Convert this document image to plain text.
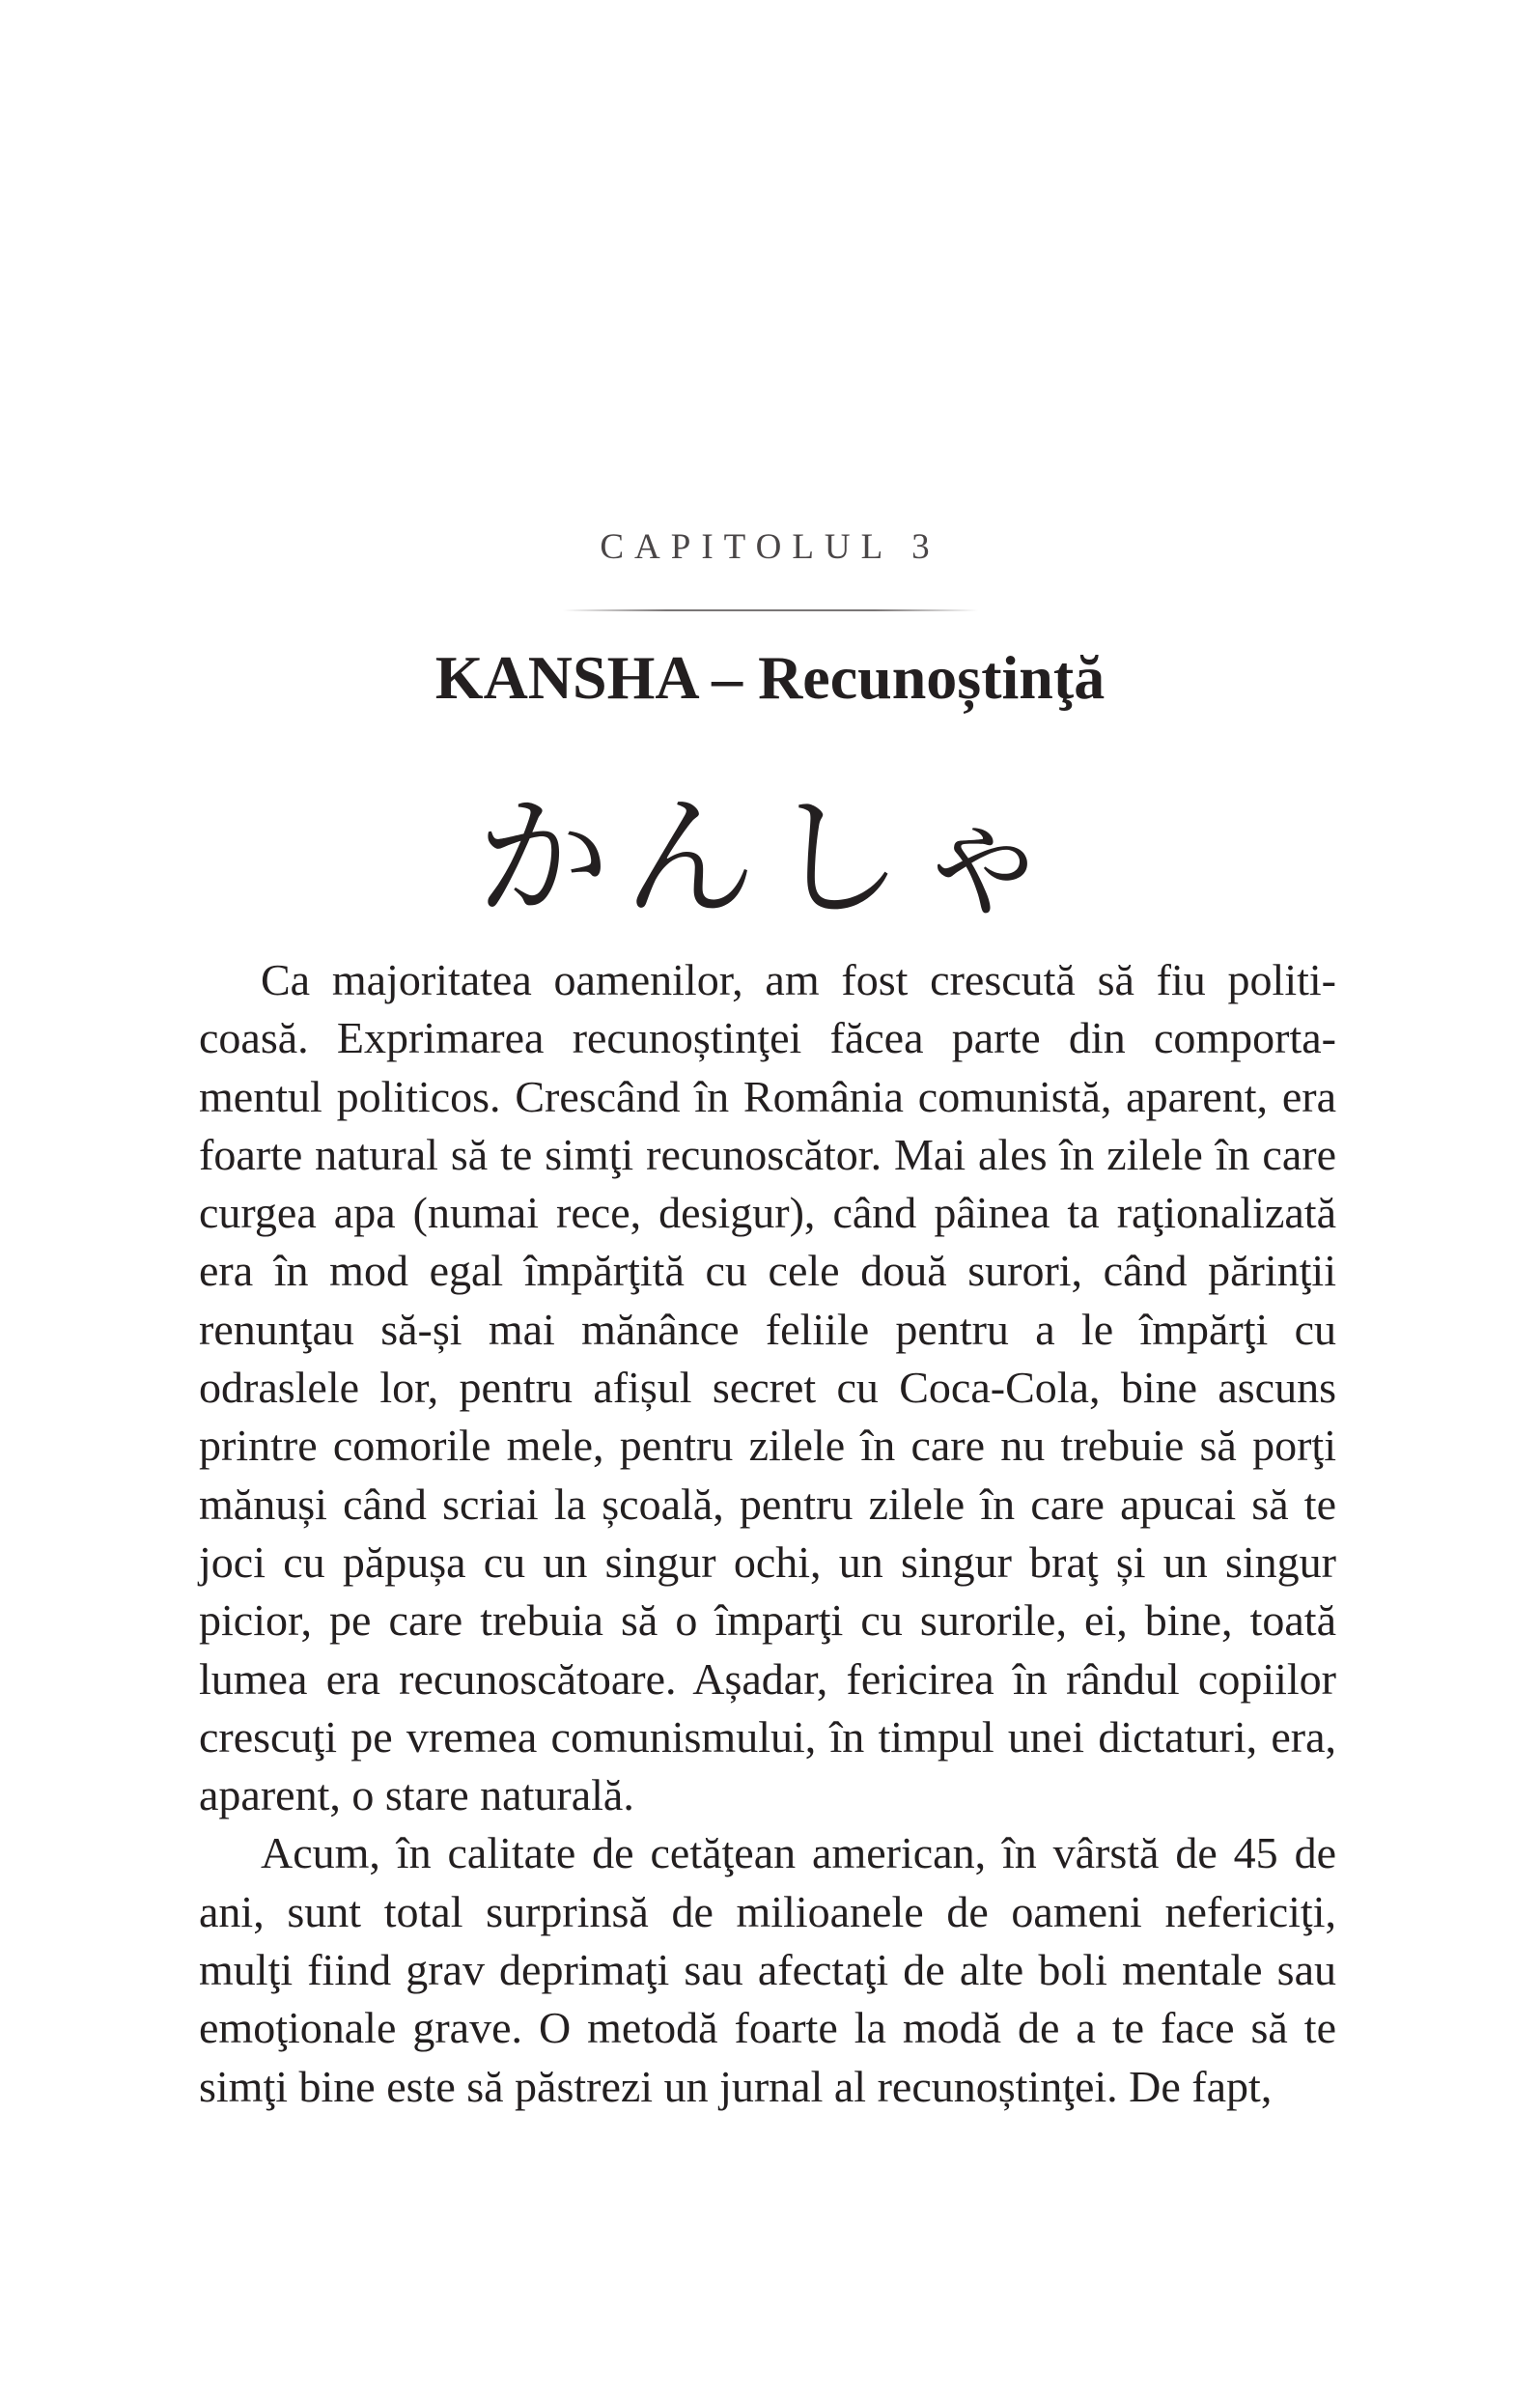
CAPITOLUL 3
KANSHA – Recunoștinţă
かんしゃ

Ca majoritatea oamenilor, am fost crescută să fiu politicoasă. Exprimarea recunoștinţei făcea parte din comportamentul politicos. Crescând în România comunistă, aparent, era foarte natural să te simţi recunoscător. Mai ales în zilele în care curgea apa (numai rece, desigur), când pâinea ta raţionalizată era în mod egal împărţită cu cele două surori, când părinţii renunţau să-și mai mănânce feliile pentru a le împărţi cu odraslele lor, pentru afișul secret cu Coca-Cola, bine ascuns printre comorile mele, pentru zilele în care nu trebuie să porţi mănuși când scriai la școală, pentru zilele în care apucai să te joci cu păpușa cu un singur ochi, un singur braţ și un singur picior, pe care trebuia să o împarţi cu surorile, ei, bine, toată lumea era recunoscătoare. Așadar, fericirea în rândul copiilor crescuţi pe vremea comunismului, în timpul unei dictaturi, era, aparent, o stare naturală.

Acum, în calitate de cetăţean american, în vârstă de 45 de ani, sunt total surprinsă de milioanele de oameni nefericiţi, mulţi fiind grav deprimaţi sau afectaţi de alte boli mentale sau emoţionale grave. O metodă foarte la modă de a te face să te simţi bine este să păstrezi un jurnal al recunoștinţei. De fapt,
